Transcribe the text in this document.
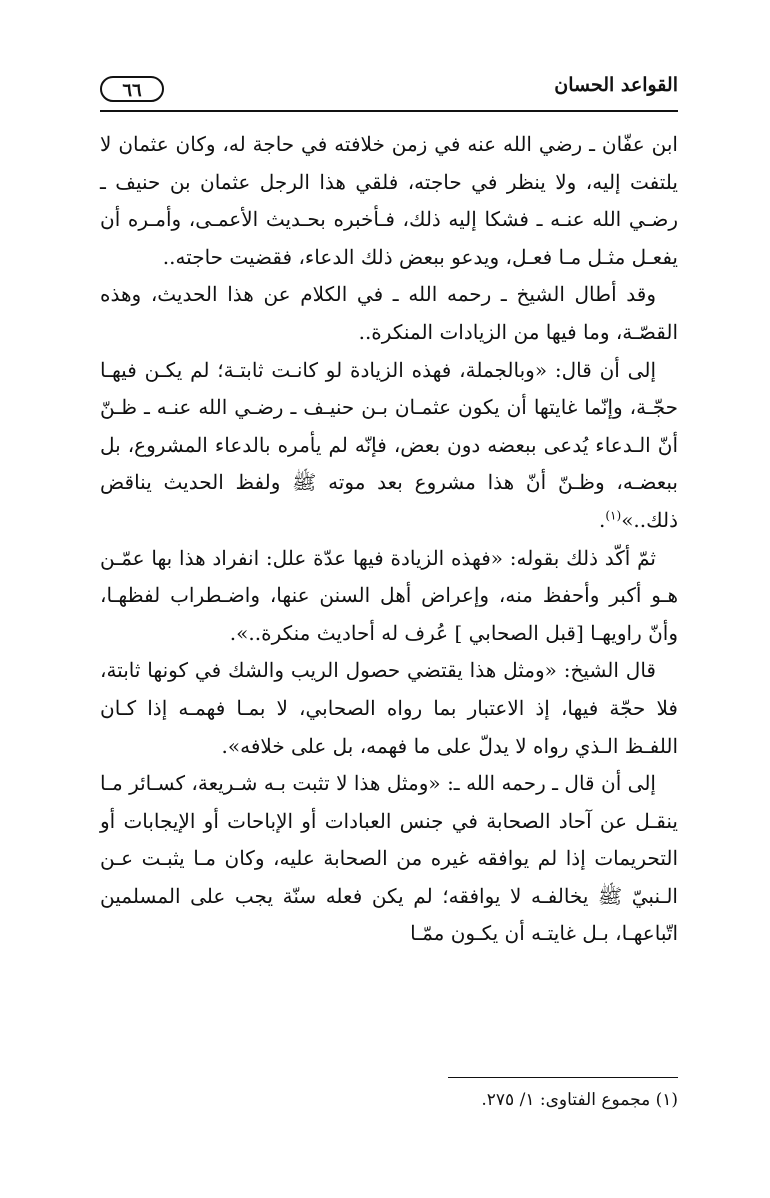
القواعد الحسان
٦٦

ابن عفّان ـ رضي الله عنه في زمن خلافته في حاجة له، وكان عثمان لا يلتفت إليه، ولا ينظر في حاجته، فلقي هذا الرجل عثمان بن حنيف ـ رضـي الله عنـه ـ فشكا إليه ذلك، فـأخبره بحـديث الأعمـى، وأمـره أن يفعـل مثـل مـا فعـل، ويدعو ببعض ذلك الدعاء، فقضيت حاجته..

وقد أطال الشيخ ـ رحمه الله ـ في الكلام عن هذا الحديث، وهذه القصّـة، وما فيها من الزيادات المنكرة..

إلى أن قال: «وبالجملة، فهذه الزيادة لو كانـت ثابتـة؛ لم يكـن فيهـا حجّـة، وإنّما غايتها أن يكون عثمـان بـن حنيـف ـ رضـي الله عنـه ـ ظـنّ أنّ الـدعاء يُدعى ببعضه دون بعض، فإنّه لم يأمره بالدعاء المشروع، بل ببعضـه، وظـنّ أنّ هذا مشروع بعد موته ﷺ ولفظ الحديث يناقض ذلك..»$^{(١)}$.

ثمّ أكّد ذلك بقوله: «فهذه الزيادة فيها عدّة علل: انفراد هذا بها عمّـن هـو أكبر وأحفظ منه، وإعراض أهل السنن عنها، واضـطراب لفظهـا، وأنّ راويهـا [قبل الصحابي ] عُرف له أحاديث منكرة..».

قال الشيخ: «ومثل هذا يقتضي حصول الريب والشك في كونها ثابتة، فلا حجّة فيها، إذ الاعتبار بما رواه الصحابي، لا بمـا فهمـه إذا كـان اللفـظ الـذي رواه لا يدلّ على ما فهمه، بل على خلافه».

إلى أن قال ـ رحمه الله ـ: «ومثل هذا لا تثبت بـه شـريعة، كسـائر مـا ينقـل عن آحاد الصحابة في جنس العبادات أو الإباحات أو الإيجابات أو التحريمات إذا لم يوافقه غيره من الصحابة عليه، وكان مـا يثبـت عـن الـنبيّ ﷺ يخالفـه لا يوافقه؛ لم يكن فعله سنّة يجب على المسلمين اتّباعهـا، بـل غايتـه أن يكـون ممّـا

(١) مجموع الفتاوى: ١/ ٢٧٥.
